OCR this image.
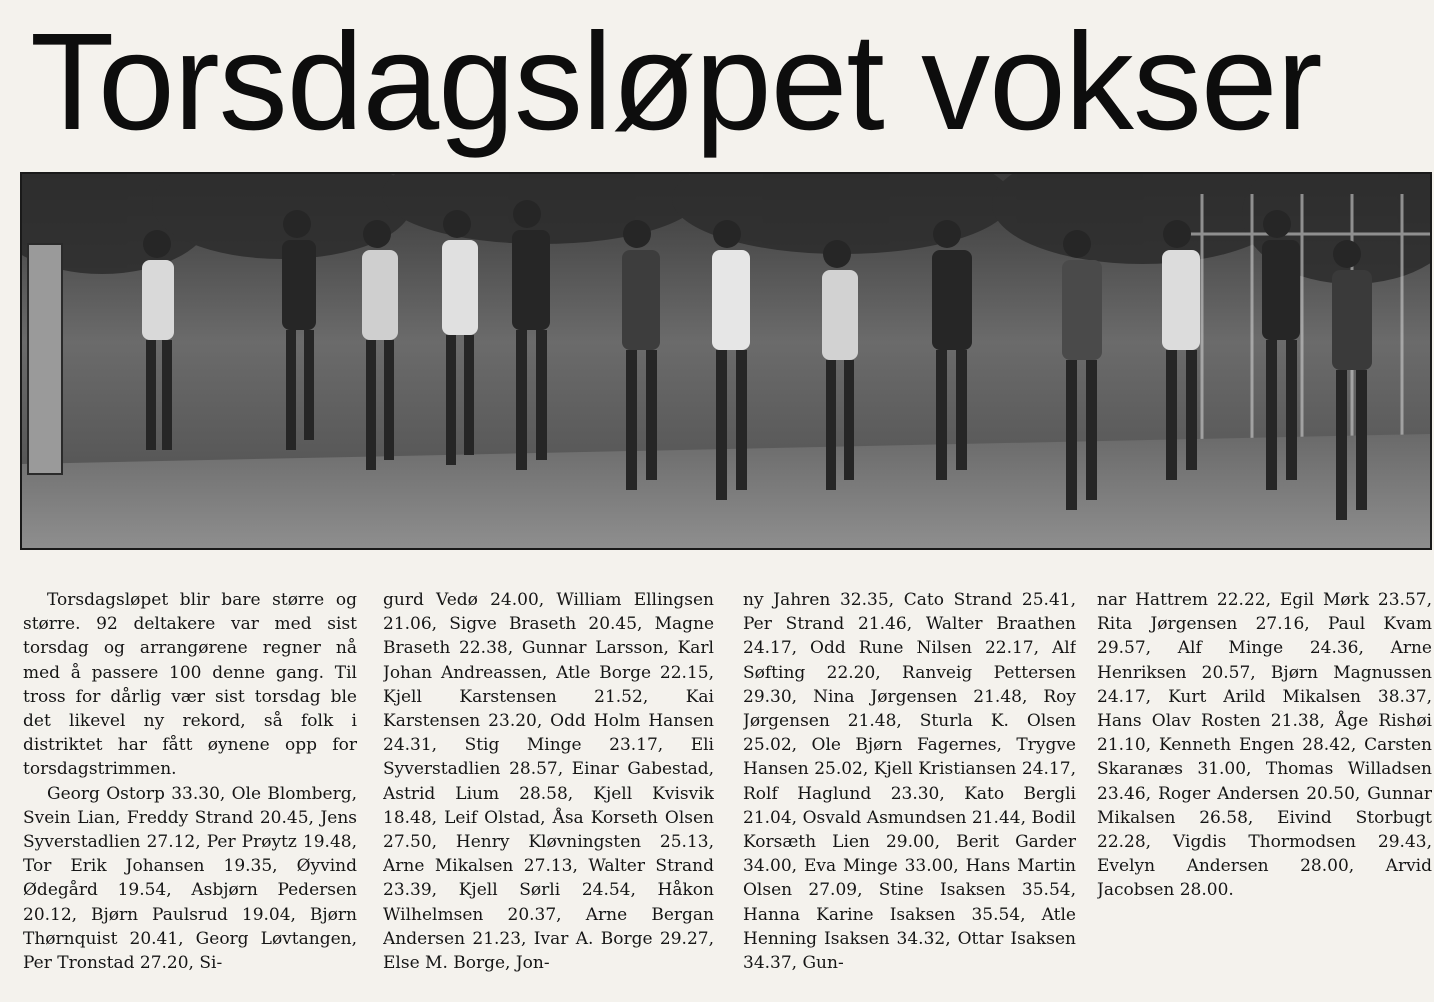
Torsdagsløpet vokser

Torsdagsløpet blir bare større og større. 92 deltakere var med sist torsdag og arrangørene regner nå med å passere 100 denne gang. Til tross for dårlig vær sist torsdag ble det likevel ny rekord, så folk i distriktet har fått øynene opp for torsdagstrimmen.

Georg Ostorp 33.30, Ole Blomberg, Svein Lian, Freddy Strand 20.45, Jens Syverstadlien 27.12, Per Prøytz 19.48, Tor Erik Johansen 19.35, Øyvind Ødegård 19.54, Asbjørn Pedersen 20.12, Bjørn Paulsrud 19.04, Bjørn Thørnquist 20.41, Georg Løvtangen, Per Tronstad 27.20, Si-

gurd Vedø 24.00, William Ellingsen 21.06, Sigve Braseth 20.45, Magne Braseth 22.38, Gunnar Larsson, Karl Johan Andreassen, Atle Borge 22.15, Kjell Karstensen 21.52, Kai Karstensen 23.20, Odd Holm Hansen 24.31, Stig Minge 23.17, Eli Syverstadlien 28.57, Einar Gabestad, Astrid Lium 28.58, Kjell Kvisvik 18.48, Leif Olstad, Åsa Korseth Olsen 27.50, Henry Kløvningsten 25.13, Arne Mikalsen 27.13, Walter Strand 23.39, Kjell Sørli 24.54, Håkon Wilhelmsen 20.37, Arne Bergan Andersen 21.23, Ivar A. Borge 29.27, Else M. Borge, Jon-

ny Jahren 32.35, Cato Strand 25.41, Per Strand 21.46, Walter Braathen 24.17, Odd Rune Nilsen 22.17, Alf Søfting 22.20, Ranveig Pettersen 29.30, Nina Jørgensen 21.48, Roy Jørgensen 21.48, Sturla K. Olsen 25.02, Ole Bjørn Fagernes, Trygve Hansen 25.02, Kjell Kristiansen 24.17, Rolf Haglund 23.30, Kato Bergli 21.04, Osvald Asmundsen 21.44, Bodil Korsæth Lien 29.00, Berit Garder 34.00, Eva Minge 33.00, Hans Martin Olsen 27.09, Stine Isaksen 35.54, Hanna Karine Isaksen 35.54, Atle Henning Isaksen 34.32, Ottar Isaksen 34.37, Gun-

nar Hattrem 22.22, Egil Mørk 23.57, Rita Jørgensen 27.16, Paul Kvam 29.57, Alf Minge 24.36, Arne Henriksen 20.57, Bjørn Magnussen 24.17, Kurt Arild Mikalsen 38.37, Hans Olav Rosten 21.38, Åge Rishøi 21.10, Kenneth Engen 28.42, Carsten Skaranæs 31.00, Thomas Willadsen 23.46, Roger Andersen 20.50, Gunnar Mikalsen 26.58, Eivind Storbugt 22.28, Vigdis Thormodsen 29.43, Evelyn Andersen 28.00, Arvid Jacobsen 28.00.
